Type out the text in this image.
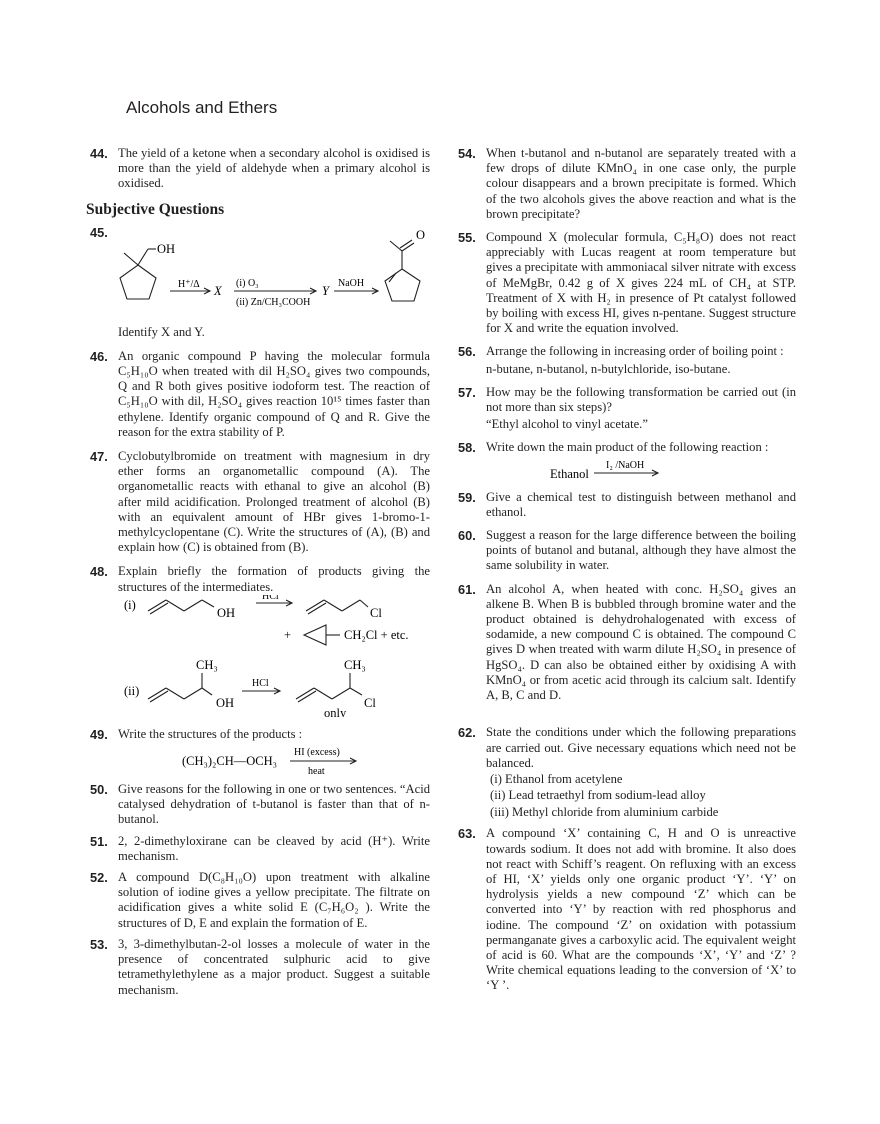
Alcohols and Ethers
44. The yield of a ketone when a secondary alcohol is oxidised is more than the yield of aldehyde when a primary alcohol is oxidised.
Subjective Questions
45.
OH
H⁺/Δ X
(i) O₃
(ii) Zn/CH₃COOH
Y
NaOH
O
Identify X and Y.
46. An organic compound P having the molecular formula C₅H₁₀O when treated with dil H₂SO₄ gives two compounds, Q and R both gives positive iodoform test. The reaction of C₅H₁₀O with dil, H₂SO₄ gives reaction 10¹⁵ times faster than ethylene. Identify organic compound of Q and R. Give the reason for the extra stability of P.
47. Cyclobutylbromide on treatment with magnesium in dry ether forms an organometallic compound (A). The organometallic reacts with ethanal to give an alcohol (B) after mild acidification. Prolonged treatment of alcohol (B) with an equivalent amount of HBr gives 1-bromo-1-methylcyclopentane (C). Write the structures of (A), (B) and explain how (C) is obtained from (B).
48. Explain briefly the formation of products giving the structures of the intermediates.
(i)
OH
HCl
Cl
+	CH₂Cl + etc.
CH₃
(ii)
OH
HCl
CH₃
Cl
only
49. Write the structures of the products :
(CH₃)₂CH—OCH₃
HI (excess)
heat
50. Give reasons for the following in one or two sentences. “Acid catalysed dehydration of t-butanol is faster than that of n-butanol.
51. 2, 2-dimethyloxirane can be cleaved by acid (H⁺). Write mechanism.
52. A compound D(C₈H₁₀O) upon treatment with alkaline solution of iodine gives a yellow precipitate. The filtrate on acidification gives a white solid E (C₇H₆O₂ ). Write the structures of D, E and explain the formation of E.
53. 3, 3-dimethylbutan-2-ol losses a molecule of water in the presence of concentrated sulphuric acid to give tetramethylethylene as a major product. Suggest a suitable mechanism.
54. When t-butanol and n-butanol are separately treated with a few drops of dilute KMnO₄ in one case only, the purple colour disappears and a brown precipitate is formed. Which of the two alcohols gives the above reaction and what is the brown precipitate?
55. Compound X (molecular formula, C₅H₈O) does not react appreciably with Lucas reagent at room temperature but gives a precipitate with ammoniacal silver nitrate with excess of MeMgBr, 0.42 g of X gives 224 mL of CH₄ at STP. Treatment of X with H₂ in presence of Pt catalyst followed by boiling with excess HI, gives n-pentane. Suggest structure for X and write the equation involved.
56. Arrange the following in increasing order of boiling point :
n-butane, n-butanol, n-butylchloride, iso-butane.
57. How may be the following transformation be carried out (in not more than six steps)?
“Ethyl alcohol to vinyl acetate.”
58. Write down the main product of the following reaction :
Ethanol
I₂ /NaOH
59. Give a chemical test to distinguish between methanol and ethanol.
60. Suggest a reason for the large difference between the boiling points of butanol and butanal, although they have almost the same solubility in water.
61. An alcohol A, when heated with conc. H₂SO₄ gives an alkene B. When B is bubbled through bromine water and the product obtained is dehydrohalogenated with excess of sodamide, a new compound C is obtained. The compound C gives D when treated with warm dilute H₂SO₄ in presence of HgSO₄. D can also be obtained either by oxidising A with KMnO₄ or from acetic acid through its calcium salt. Identify A, B, C and D.
62. State the conditions under which the following preparations are carried out. Give necessary equations which need not be balanced.
(i) Ethanol from acetylene
(ii) Lead tetraethyl from sodium-lead alloy
(iii) Methyl chloride from aluminium carbide
63. A compound ‘X’ containing C, H and O is unreactive towards sodium. It does not add with bromine. It also does not react with Schiff’s reagent. On refluxing with an excess of HI, ‘X’ yields only one organic product ‘Y’. ‘Y’ on hydrolysis yields a new compound ‘Z’ which can be converted into ‘Y’ by reaction with red phosphorus and iodine. The compound ‘Z’ on oxidation with potassium permanganate gives a carboxylic acid. The equivalent weight of acid is 60. What are the compounds ‘X’, ‘Y’ and ‘Z’ ? Write chemical equations leading to the conversion of ‘X’ to ‘Y ’.
